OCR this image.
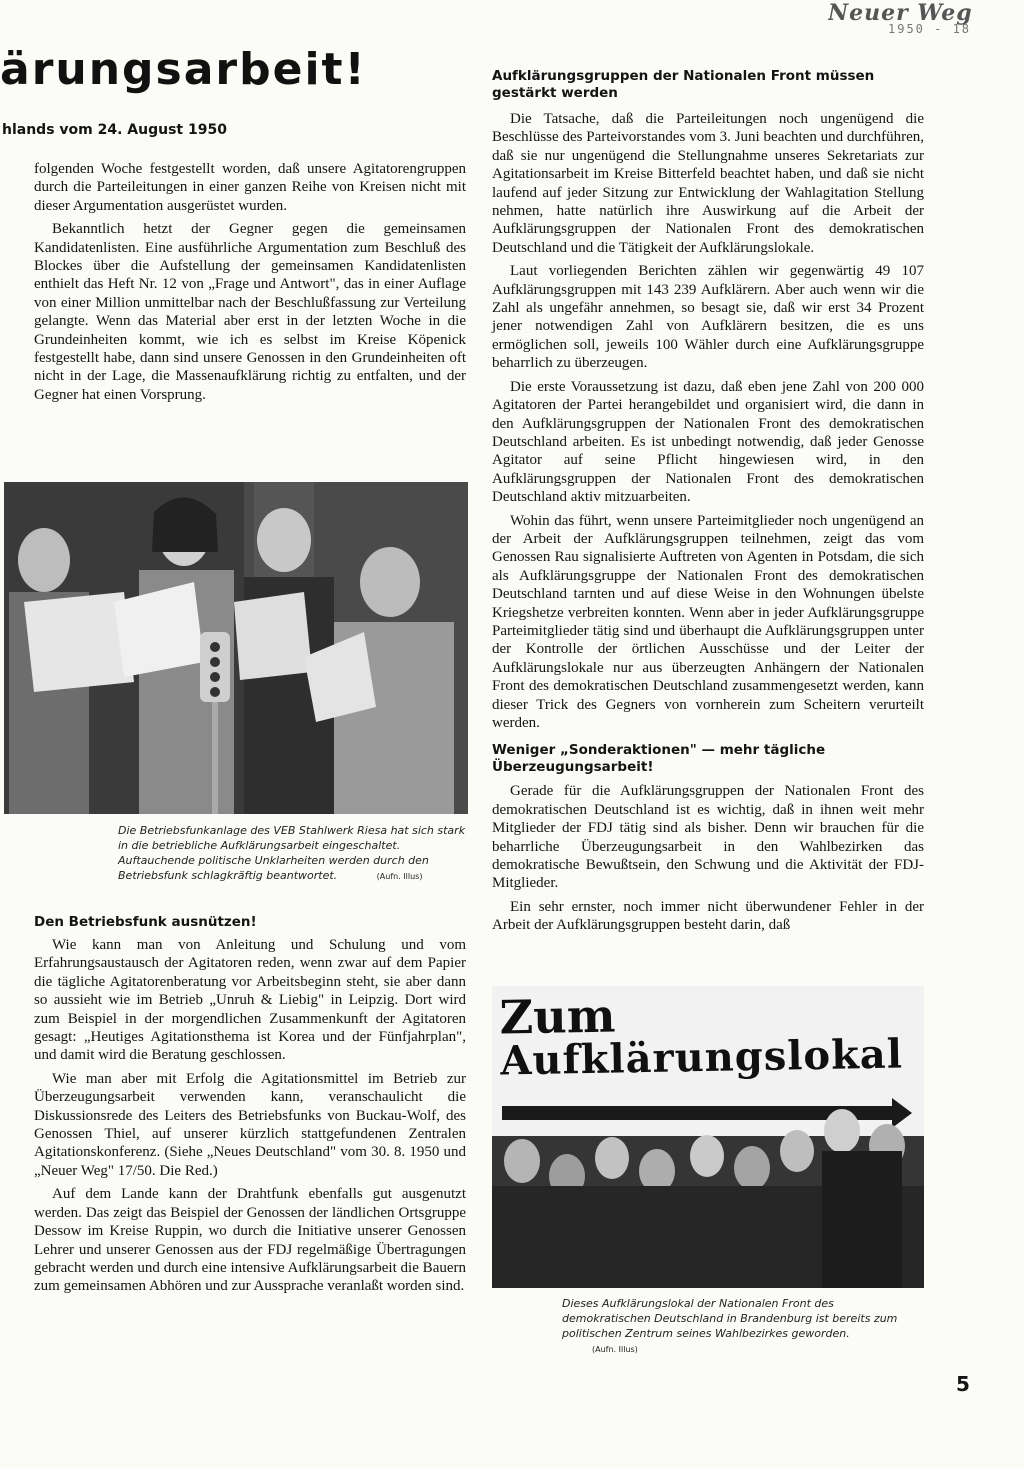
Neuer Weg
1950 - 18
ärungsarbeit!
hlands vom 24. August 1950

folgenden Woche festgestellt worden, daß unsere Agitatorengruppen durch die Parteileitungen in einer ganzen Reihe von Kreisen nicht mit dieser Argumentation ausgerüstet wurden.

Bekanntlich hetzt der Gegner gegen die gemeinsamen Kandidatenlisten. Eine ausführliche Argumentation zum Beschluß des Blockes über die Aufstellung der gemeinsamen Kandidatenlisten enthielt das Heft Nr. 12 von „Frage und Antwort", das in einer Auflage von einer Million unmittelbar nach der Beschlußfassung zur Verteilung gelangte. Wenn das Material aber erst in der letzten Woche in die Grundeinheiten kommt, wie ich es selbst im Kreise Köpenick festgestellt habe, dann sind unsere Genossen in den Grundeinheiten oft nicht in der Lage, die Massenaufklärung richtig zu entfalten, und der Gegner hat einen Vorsprung.

Die Betriebsfunkanlage des VEB Stahlwerk Riesa hat sich stark in die betriebliche Aufklärungsarbeit eingeschaltet. Auftauchende politische Unklarheiten werden durch den Betriebsfunk schlagkräftig beantwortet.	(Aufn. Illus)
Den Betriebsfunk ausnützen!

Wie kann man von Anleitung und Schulung und vom Erfahrungsaustausch der Agitatoren reden, wenn zwar auf dem Papier die tägliche Agitatorenberatung vor Arbeitsbeginn steht, sie aber dann so aussieht wie im Betrieb „Unruh & Liebig" in Leipzig. Dort wird zum Beispiel in der morgendlichen Zusammenkunft der Agitatoren gesagt: „Heutiges Agitationsthema ist Korea und der Fünfjahrplan", und damit wird die Beratung geschlossen.

Wie man aber mit Erfolg die Agitationsmittel im Betrieb zur Überzeugungsarbeit verwenden kann, veranschaulicht die Diskussionsrede des Leiters des Betriebsfunks von Buckau-Wolf, des Genossen Thiel, auf unserer kürzlich stattgefundenen Zentralen Agitationskonferenz. (Siehe „Neues Deutschland" vom 30. 8. 1950 und „Neuer Weg" 17/50. Die Red.)

Auf dem Lande kann der Drahtfunk ebenfalls gut ausgenutzt werden. Das zeigt das Beispiel der Genossen der ländlichen Ortsgruppe Dessow im Kreise Ruppin, wo durch die Initiative unserer Genossen Lehrer und unserer Genossen aus der FDJ regelmäßige Übertragungen gebracht werden und durch eine intensive Aufklärungsarbeit die Bauern zum gemeinsamen Abhören und zur Aussprache veranlaßt worden sind.

Aufklärungsgruppen der Nationalen Front müssen gestärkt werden

Die Tatsache, daß die Parteileitungen noch ungenügend die Beschlüsse des Parteivorstandes vom 3. Juni beachten und durchführen, daß sie nur ungenügend die Stellungnahme unseres Sekretariats zur Agitationsarbeit im Kreise Bitterfeld beachtet haben, und daß sie nicht laufend auf jeder Sitzung zur Entwicklung der Wahlagitation Stellung nehmen, hatte natürlich ihre Auswirkung auf die Arbeit der Aufklärungsgruppen der Nationalen Front des demokratischen Deutschland und die Tätigkeit der Aufklärungslokale.

Laut vorliegenden Berichten zählen wir gegenwärtig 49 107 Aufklärungsgruppen mit 143 239 Aufklärern. Aber auch wenn wir die Zahl als ungefähr annehmen, so besagt sie, daß wir erst 34 Prozent jener notwendigen Zahl von Aufklärern besitzen, die es uns ermöglichen soll, jeweils 100 Wähler durch eine Aufklärungsgruppe beharrlich zu überzeugen.

Die erste Voraussetzung ist dazu, daß eben jene Zahl von 200 000 Agitatoren der Partei herangebildet und organisiert wird, die dann in den Aufklärungsgruppen der Nationalen Front des demokratischen Deutschland arbeiten. Es ist unbedingt notwendig, daß jeder Genosse Agitator auf seine Pflicht hingewiesen wird, in den Aufklärungsgruppen der Nationalen Front des demokratischen Deutschland aktiv mitzuarbeiten.

Wohin das führt, wenn unsere Parteimitglieder noch ungenügend an der Arbeit der Aufklärungsgruppen teilnehmen, zeigt das vom Genossen Rau signalisierte Auftreten von Agenten in Potsdam, die sich als Aufklärungsgruppe der Nationalen Front des demokratischen Deutschland tarnten und auf diese Weise in den Wohnungen übelste Kriegshetze verbreiten konnten. Wenn aber in jeder Aufklärungsgruppe Parteimitglieder tätig sind und überhaupt die Aufklärungsgruppen unter der Kontrolle der örtlichen Ausschüsse und der Leiter der Aufklärungslokale nur aus überzeugten Anhängern der Nationalen Front des demokratischen Deutschland zusammengesetzt werden, kann dieser Trick des Gegners von vornherein zum Scheitern verurteilt werden.

Weniger „Sonderaktionen" — mehr tägliche Überzeugungsarbeit!

Gerade für die Aufklärungsgruppen der Nationalen Front des demokratischen Deutschland ist es wichtig, daß in ihnen weit mehr Mitglieder der FDJ tätig sind als bisher. Denn wir brauchen für die beharrliche Überzeugungsarbeit in den Wahlbezirken das demokratische Bewußtsein, den Schwung und die Aktivität der FDJ-Mitglieder.

Ein sehr ernster, noch immer nicht überwundener Fehler in der Arbeit der Aufklärungsgruppen besteht darin, daß

Zum
Aufklärungslokal
Dieses Aufklärungslokal der Nationalen Front des demokratischen Deutschland in Brandenburg ist bereits zum politischen Zentrum seines Wahlbezirkes geworden. (Aufn. Illus)
5
